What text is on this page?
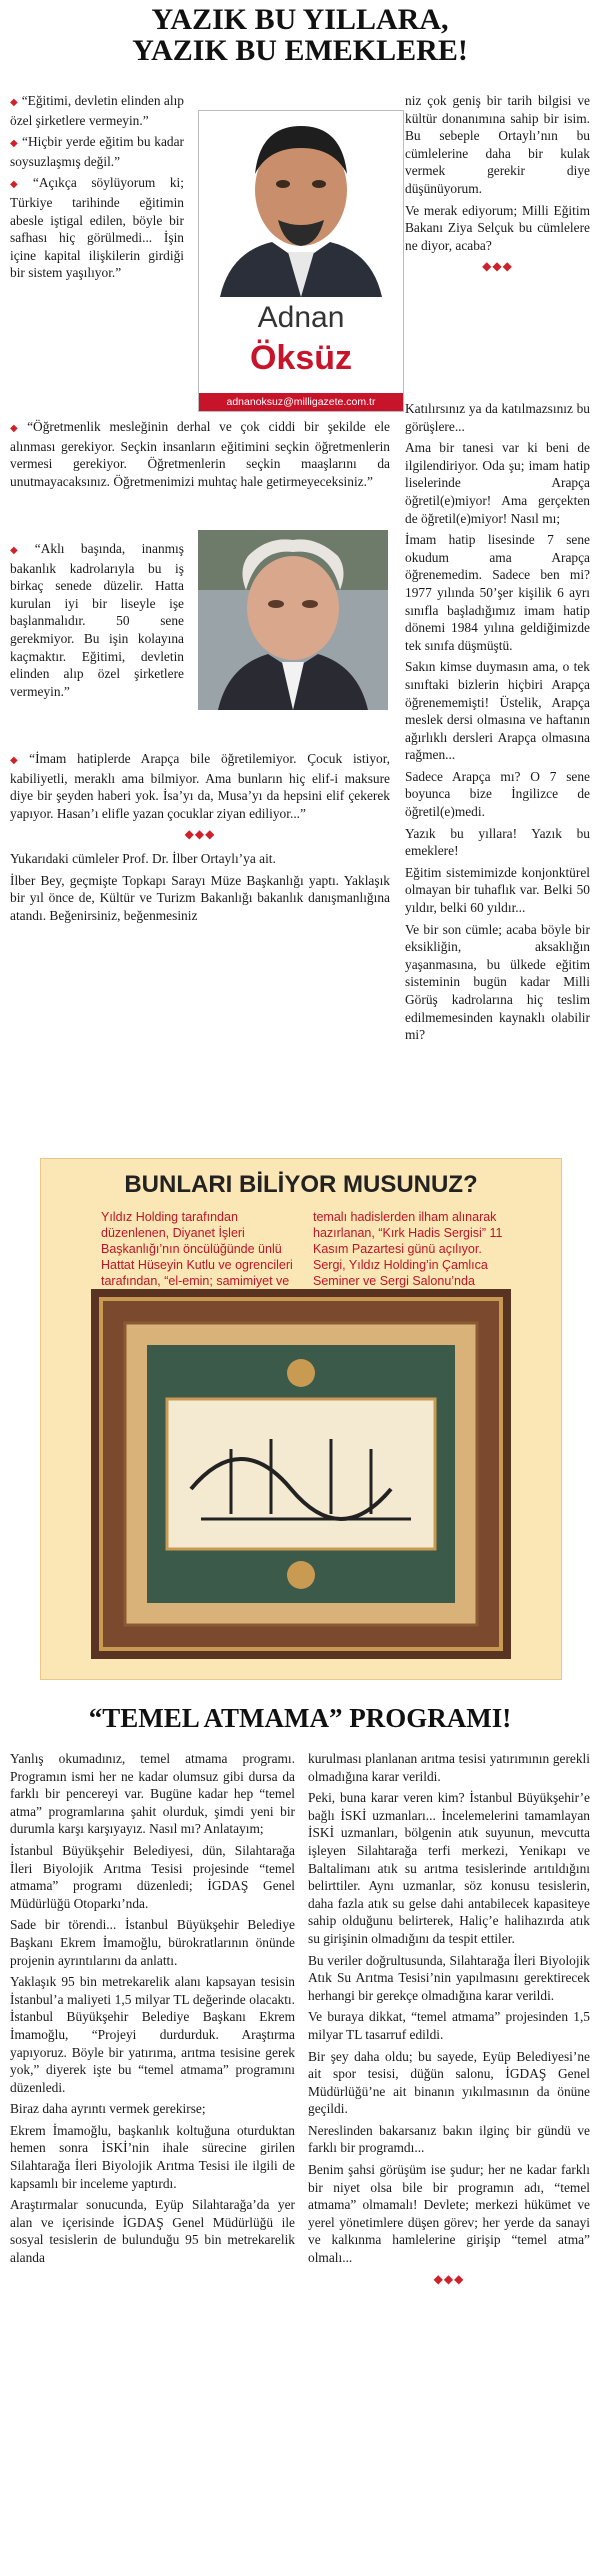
YAZIK BU YILLARA,
YAZIK BU EMEKLERE!
Adnan
Öksüz
adnanoksuz@milligazete.com.tr

◆ “Eğitimi, devletin elinden alıp özel şirketlere vermeyin.”

◆ “Hiçbir yerde eğitim bu kadar soysuzlaşmış değil.”

◆ “Açıkça söylüyorum ki; Türkiye tarihinde eğitimin abesle iştigal edilen, böyle bir safhası hiç görülmedi... İşin içine kapital ilişkilerin girdiği bir sistem yaşılıyor.”

◆ “Öğretmenlik mesleğinin derhal ve çok ciddi bir şekilde ele alınması gerekiyor. Seçkin insanların eğitimini seçkin öğretmenlerin vermesi gerekiyor. Öğretmenlerin seçkin maaşlarını da unutmayacaksınız. Öğretmenimizi muhtaç hale getirmeyeceksiniz.”

◆ “Aklı başında, inanmış bakanlık kadrolarıyla bu iş birkaç senede düzelir. Hatta kurulan iyi bir liseyle işe başlanmalıdır. 50 sene gerekmiyor. Bu işin kolayına kaçmaktır. Eğitimi, devletin elinden alıp özel şirketlere vermeyin.”

◆ “İmam hatiplerde Arapça bile öğretilemiyor. Çocuk istiyor, kabiliyetli, meraklı ama bilmiyor. Ama bunların hiç elif-i maksure diye bir şeyden haberi yok. İsa’yı da, Musa’yı da hepsini elif çekerek yapıyor. Hasan’ı elifle yazan çocuklar ziyan ediliyor...”

◆◆◆

Yukarıdaki cümleler Prof. Dr. İlber Ortaylı’ya ait.

İlber Bey, geçmişte Topkapı Sarayı Müze Başkanlığı yaptı. Yaklaşık bir yıl önce de, Kültür ve Turizm Bakanlığı bakanlık danışmanlığına atandı. Beğenirsiniz, beğenmesiniz

niz çok geniş bir tarih bilgisi ve kültür donanımına sahip bir isim. Bu sebeple Ortaylı’nın bu cümlelerine daha bir kulak vermek gerekir diye düşünüyorum.

Ve merak ediyorum; Milli Eğitim Bakanı Ziya Selçuk bu cümlelere ne diyor, acaba?

◆◆◆

Katılırsınız ya da katılmazsınız bu görüşlere...

Ama bir tanesi var ki beni de ilgilendiriyor. Oda şu; imam hatip liselerinde Arapça öğretil(e)miyor! Ama gerçekten de öğretil(e)miyor! Nasıl mı;

İmam hatip lisesinde 7 sene okudum ama Arapça öğrenemedim. Sadece ben mi? 1977 yılında 50’şer kişilik 6 ayrı sınıfla başladığımız imam hatip dönemi 1984 yılına geldiğimizde tek sınıfa düşmüştü.

Sakın kimse duymasın ama, o tek sınıftaki bizlerin hiçbiri Arapça öğrenememişti! Üstelik, Arapça meslek dersi olmasına ve haftanın ağırlıklı dersleri Arapça olmasına rağmen...

Sadece Arapça mı? O 7 sene boyunca bize İngilizce de öğretil(e)medi.

Yazık bu yıllara! Yazık bu emeklere!

Eğitim sistemimizde konjonktürel olmayan bir tuhaflık var. Belki 50 yıldır, belki 60 yıldır...

Ve bir son cümle; acaba böyle bir eksikliğin, aksaklığın yaşanmasına, bu ülkede eğitim sisteminin bugün kadar Milli Görüş kadrolarına hiç teslim edilmemesinden kaynaklı olabilir mi?

BUNLARI BİLİYOR MUSUNUZ?
Yıldız Holding tarafından düzenlenen, Diyanet İşleri Başkanlığı’nın öncülüğünde ünlü Hattat Hüseyin Kutlu ve ogrencileri tarafından, “el-emin; samimiyet ve
temalı hadislerden ilham alınarak hazırlanan, “Kırk Hadis Sergisi” 11 Kasım Pazartesi günü açılıyor. Sergi, Yıldız Holding’in Çamlıca Seminer ve Sergi Salonu’nda
“TEMEL ATMAMA” PROGRAMI!

Yanlış okumadınız, temel atmama programı. Programın ismi her ne kadar olumsuz gibi dursa da farklı bir pencereyi var. Bugüne kadar hep “temel atma” programlarına şahit olurduk, şimdi yeni bir durumla karşı karşıyayız. Nasıl mı? Anlatayım;

İstanbul Büyükşehir Belediyesi, dün, Silahtarağa İleri Biyolojik Arıtma Tesisi projesinde “temel atmama” programı düzenledi; İGDAŞ Genel Müdürlüğü Otoparkı’nda.

Sade bir törendi... İstanbul Büyükşehir Belediye Başkanı Ekrem İmamoğlu, bürokratlarının önünde projenin ayrıntılarını da anlattı.

Yaklaşık 95 bin metrekarelik alanı kapsayan tesisin İstanbul’a maliyeti 1,5 milyar TL değerinde olacaktı. İstanbul Büyükşehir Belediye Başkanı Ekrem İmamoğlu, “Projeyi durdurduk. Araştırma yapıyoruz. Böyle bir yatırıma, arıtma tesisine gerek yok,” diyerek işte bu “temel atmama” programını düzenledi.

Biraz daha ayrıntı vermek gerekirse;

Ekrem İmamoğlu, başkanlık koltuğuna oturduktan hemen sonra İSKİ’nin ihale sürecine girilen Silahtarağa İleri Biyolojik Arıtma Tesisi ile ilgili de kapsamlı bir inceleme yaptırdı.

Araştırmalar sonucunda, Eyüp Silahtarağa’da yer alan ve içerisinde İGDAŞ Genel Müdürlüğü ile sosyal tesislerin de bulunduğu 95 bin metrekarelik alanda

kurulması planlanan arıtma tesisi yatırımının gerekli olmadığına karar verildi.

Peki, buna karar veren kim? İstanbul Büyükşehir’e bağlı İSKİ uzmanları... İncelemelerini tamamlayan İSKİ uzmanları, bölgenin atık suyunun, mevcutta işleyen Silahtarağa terfi merkezi, Yenikapı ve Baltalimanı atık su arıtma tesislerinde arıtıldığını belirttiler. Aynı uzmanlar, söz konusu tesislerin, daha fazla atık su gelse dahi antabilecek kapasiteye sahip olduğunu belirterek, Haliç’e halihazırda atık su girişinin olmadığını da tespit ettiler.

Bu veriler doğrultusunda, Silahtarağa İleri Biyolojik Atık Su Arıtma Tesisi’nin yapılmasını gerektirecek herhangi bir gerekçe olmadığına karar verildi.

Ve buraya dikkat, “temel atmama” projesinden 1,5 milyar TL tasarruf edildi.

Bir şey daha oldu; bu sayede, Eyüp Belediyesi’ne ait spor tesisi, düğün salonu, İGDAŞ Genel Müdürlüğü’ne ait binanın yıkılmasının da önüne geçildi.

Nereslinden bakarsanız bakın ilginç bir gündü ve farklı bir programdı...

Benim şahsi görüşüm ise şudur; her ne kadar farklı bir niyet olsa bile bir programın adı, “temel atmama” olmamalı! Devlete; merkezi hükümet ve yerel yönetimlere düşen görev; her yerde da sanayi ve kalkınma hamlelerine girişip “temel atma” olmalı...

◆◆◆
